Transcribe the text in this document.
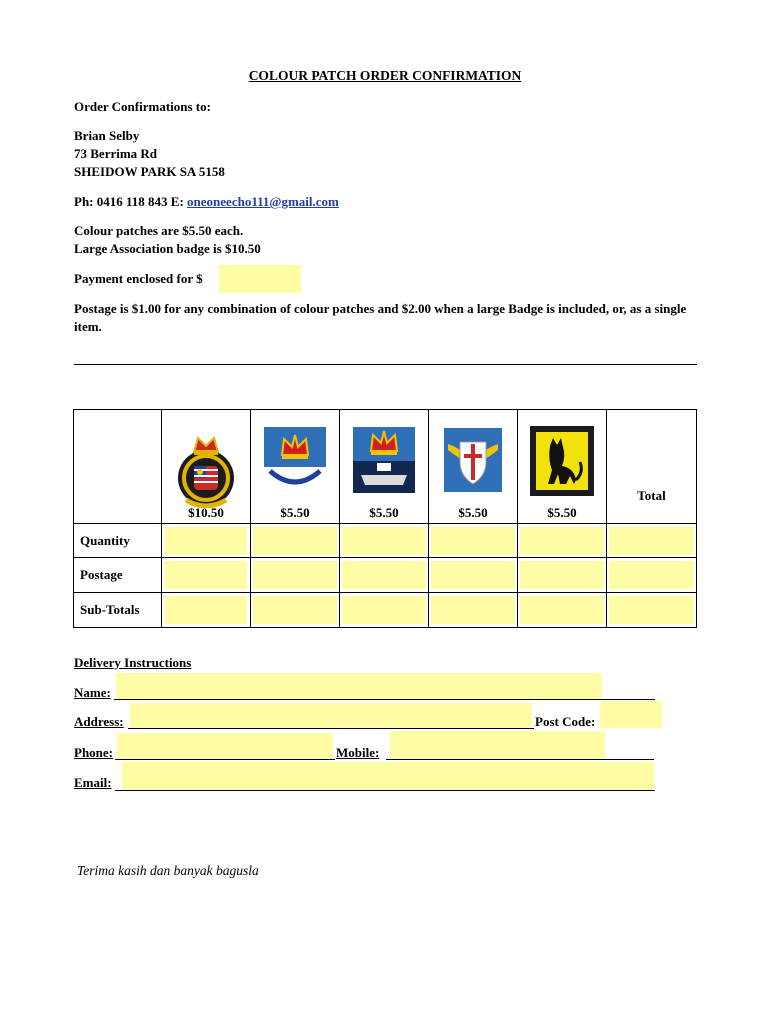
COLOUR PATCH ORDER CONFIRMATION
Order Confirmations to:
Brian Selby
73 Berrima Rd
SHEIDOW PARK SA 5158
Ph: 0416 118 843 E: oneoneecho111@gmail.com
Colour patches are $5.50 each.
Large Association badge is $10.50
Payment enclosed for $
Postage is $1.00 for any combination of colour patches and $2.00 when a large Badge is included, or, as a single item.

	$10.50	$5.50	$5.50	$5.50	$5.50	Total

Quantity	

Postage	

Sub-Totals	

Delivery Instructions
Name:
Address:	Post Code:
Phone:	Mobile:
Email:
Terima kasih dan banyak bagusla
